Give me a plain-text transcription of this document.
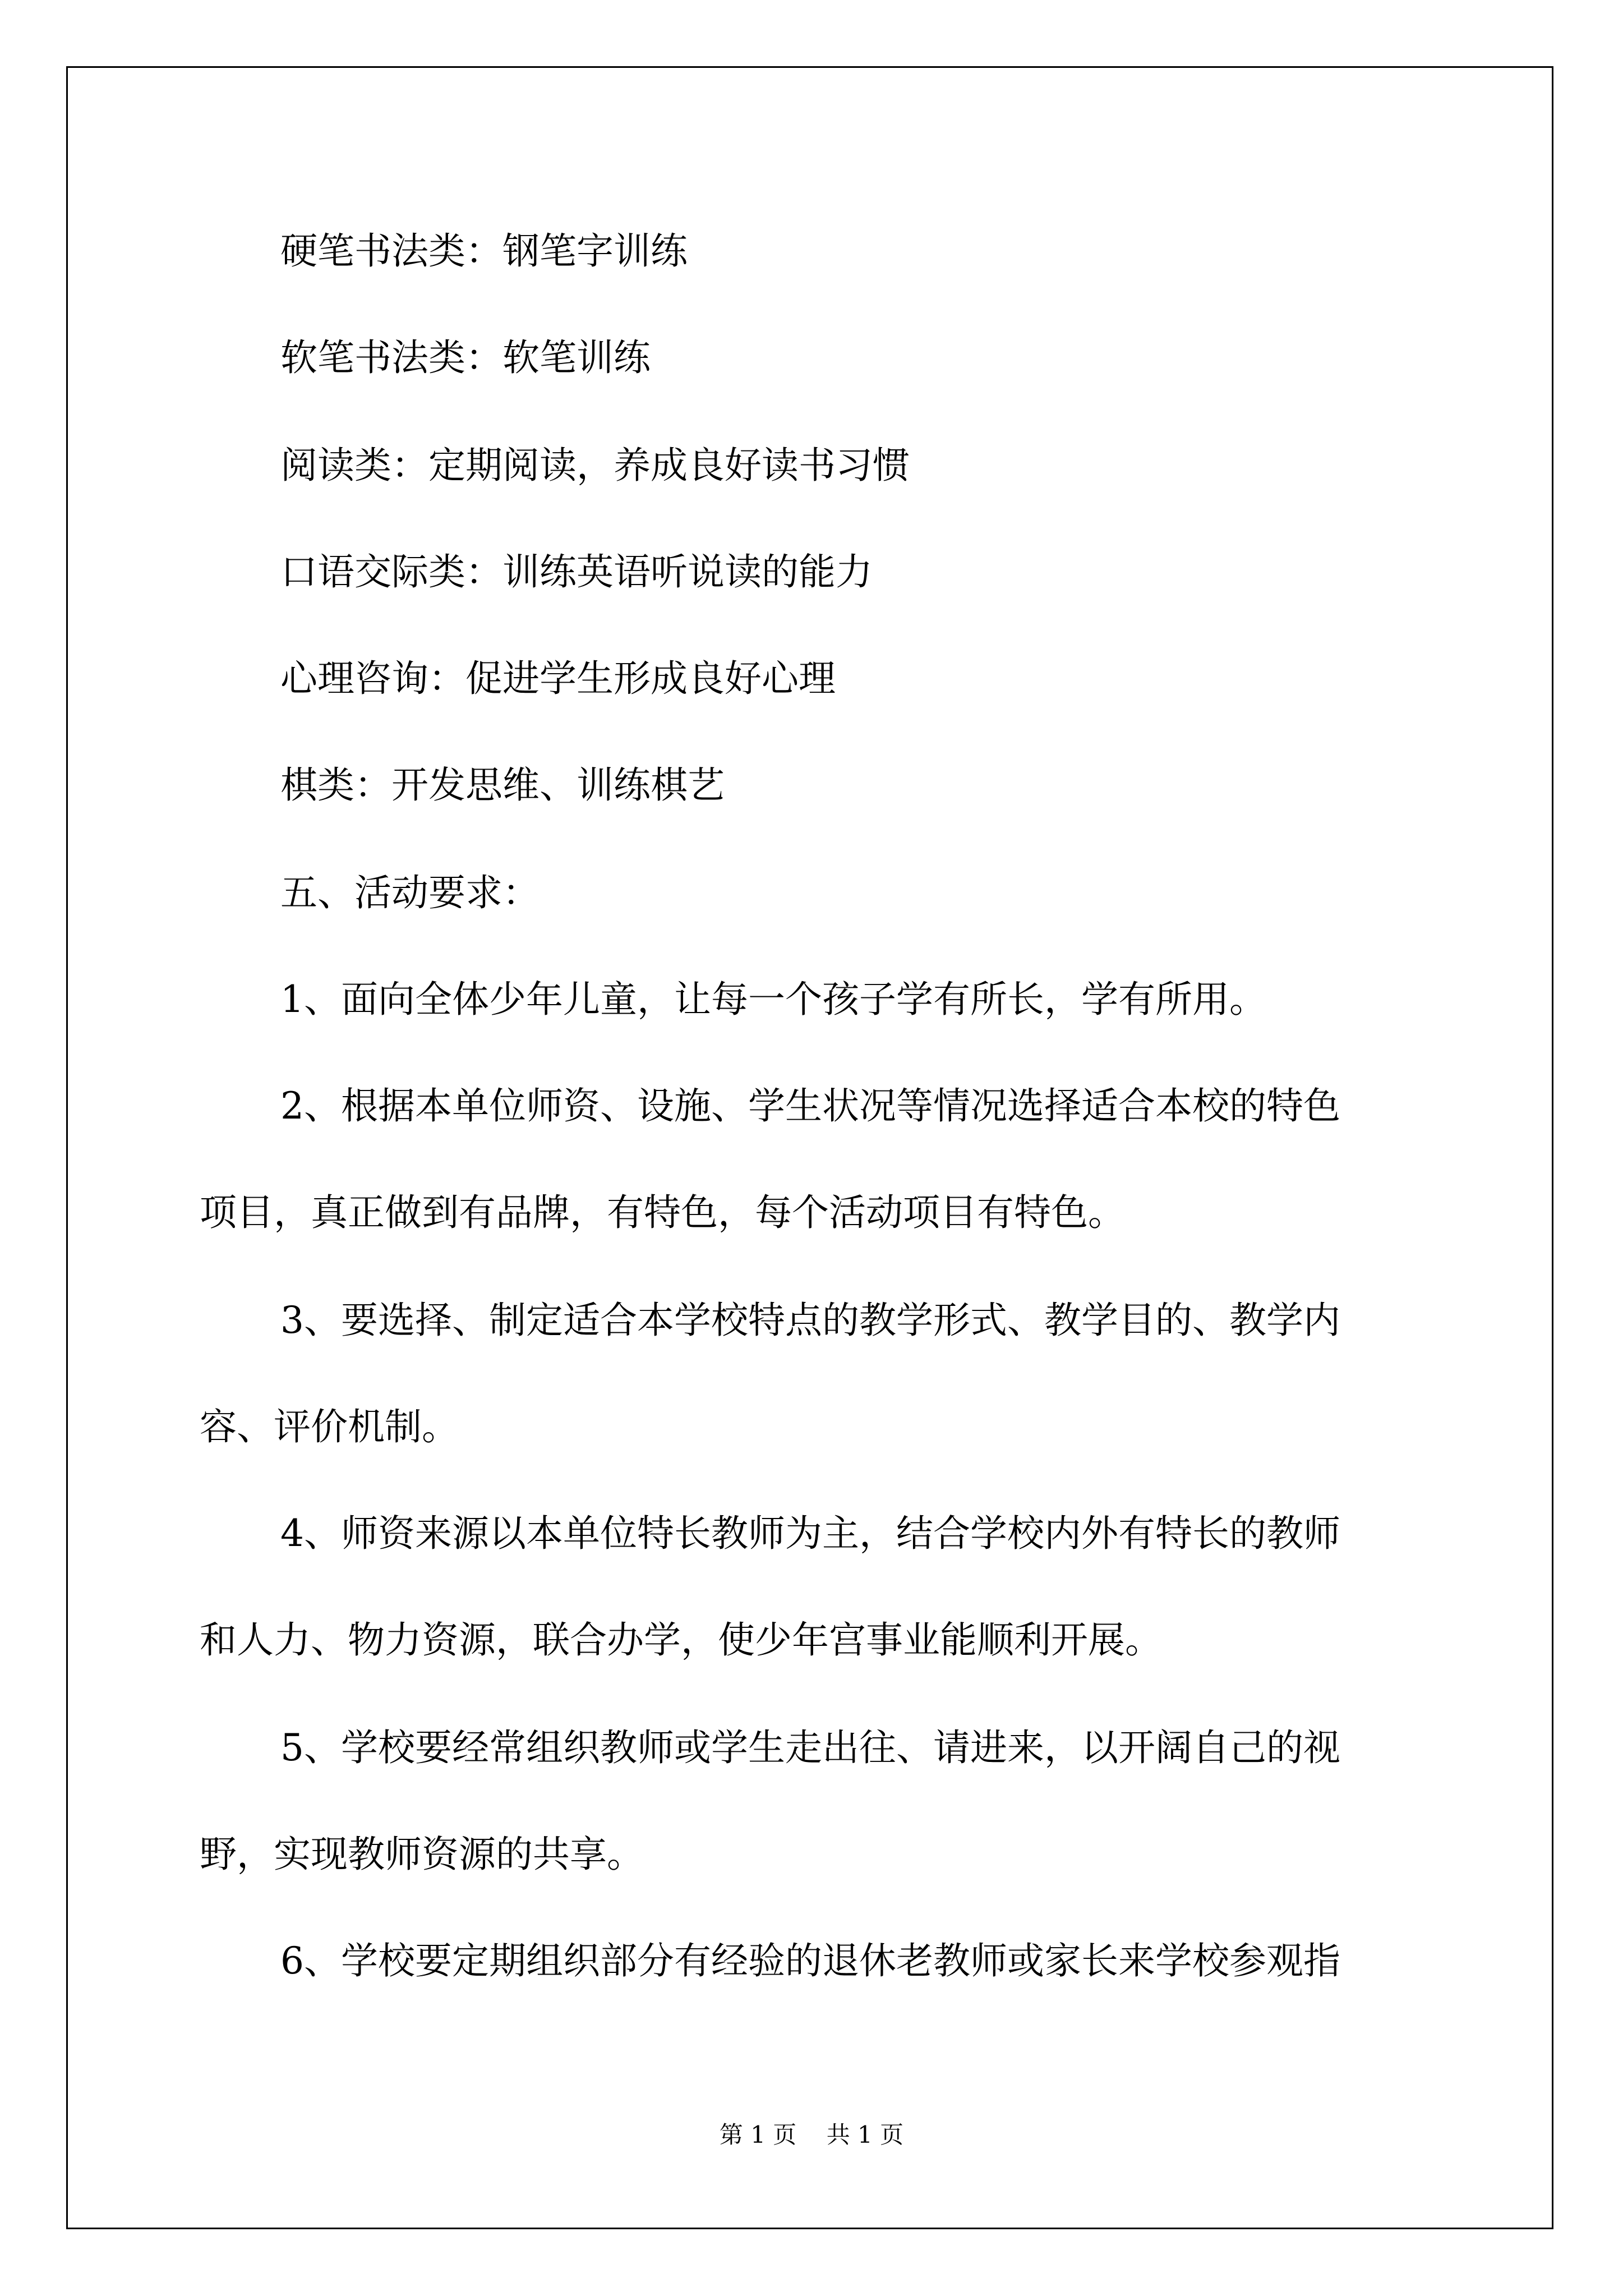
硬笔书法类：钢笔字训练
软笔书法类：软笔训练
阅读类：定期阅读，养成良好读书习惯
口语交际类：训练英语听说读的能力
心理咨询：促进学生形成良好心理
棋类：开发思维、训练棋艺
五、活动要求：
1、面向全体少年儿童，让每一个孩子学有所长，学有所用。
2、根据本单位师资、设施、学生状况等情况选择适合本校的特色
项目，真正做到有品牌，有特色，每个活动项目有特色。
3、要选择、制定适合本学校特点的教学形式、教学目的、教学内
容、评价机制。
4、师资来源以本单位特长教师为主，结合学校内外有特长的教师
和人力、物力资源，联合办学，使少年宫事业能顺利开展。
5、学校要经常组织教师或学生走出往、请进来，以开阔自己的视
野，实现教师资源的共享。
6、学校要定期组织部分有经验的退休老教师或家长来学校参观指
第 1 页    共 1 页
